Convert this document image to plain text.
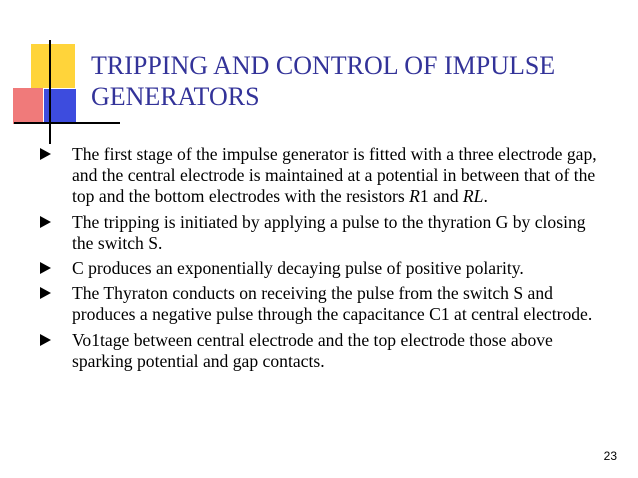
TRIPPING AND CONTROL OF IMPULSE GENERATORS
The first stage of the impulse generator is fitted with a three electrode gap, and the central electrode is maintained at a potential in between that of the top and the bottom electrodes with the resistors R1 and RL.
The tripping is initiated by applying a pulse to the thyration G by closing the switch S.
C produces an exponentially decaying pulse of positive polarity.
The Thyraton conducts on receiving the pulse from the switch S and produces a negative pulse through the capacitance C1 at central electrode.
Vo1tage between central electrode and the top electrode those above sparking potential and gap contacts.
23
